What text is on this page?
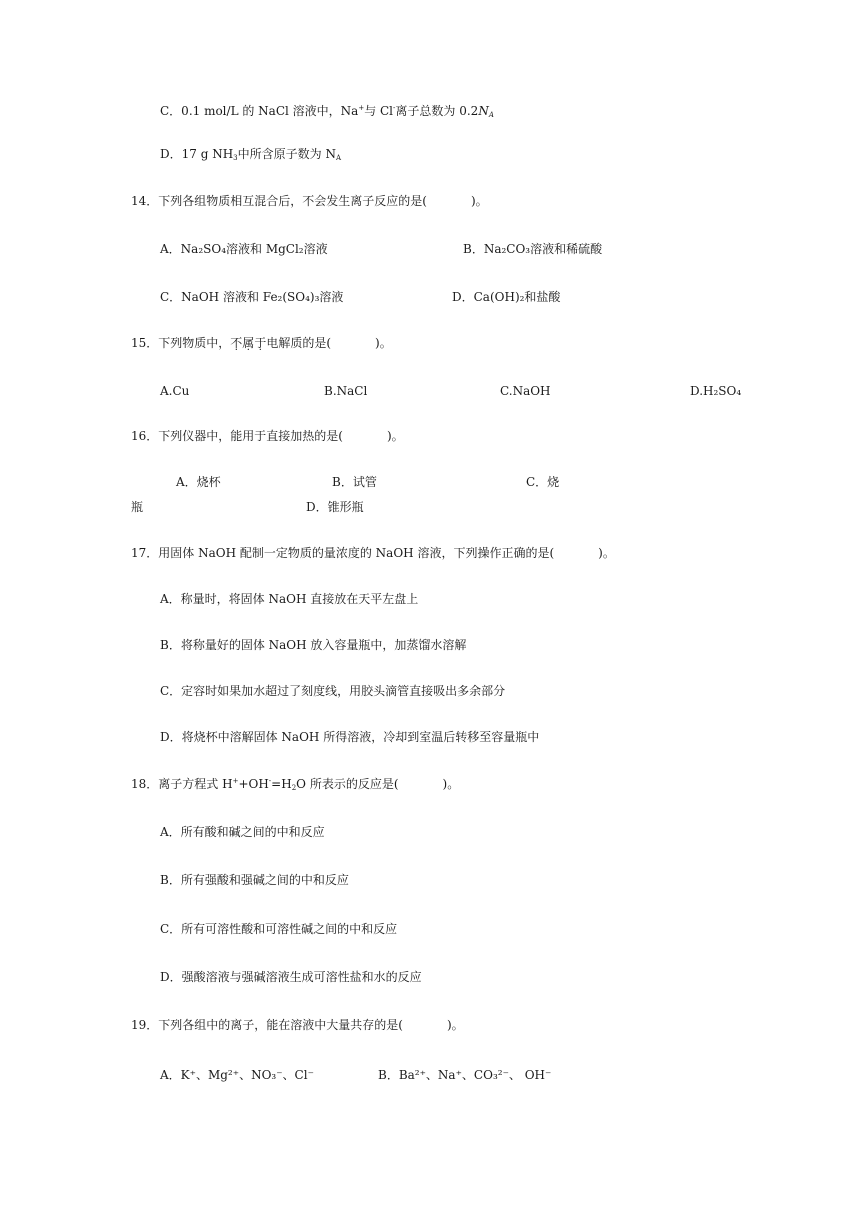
C．0.1 mol/L 的 NaCl 溶液中，Na+与 Cl-离子总数为 $0.2N_A$
D．17 g $NH_3$中所含原子数为 $N_A$
14．下列各组物质相互混合后，不会发生离子反应的是(	)。
A．Na₂SO₄溶液和 MgCl₂溶液	B．Na₂CO₃溶液和稀硫酸
C．NaOH 溶液和 Fe₂(SO₄)₃溶液	D．Ca(OH)₂和盐酸
15．下列物质中，不属于电解质的是(	)。
A.Cu	B.NaCl	C.NaOH	D.H₂SO₄
16．下列仪器中，能用于直接加热的是(	)。
A．烧杯	B．试管	C．烧
瓶	D．锥形瓶
17．用固体 NaOH 配制一定物质的量浓度的 NaOH 溶液，下列操作正确的是(	)。
A．称量时，将固体 NaOH 直接放在天平左盘上
B．将称量好的固体 NaOH 放入容量瓶中，加蒸馏水溶解
C．定容时如果加水超过了刻度线，用胶头滴管直接吸出多余部分
D．将烧杯中溶解固体 NaOH 所得溶液，冷却到室温后转移至容量瓶中
18．离子方程式 $H^++OH^-=H_2O$ 所表示的反应是(	)。
A．所有酸和碱之间的中和反应
B．所有强酸和强碱之间的中和反应
C．所有可溶性酸和可溶性碱之间的中和反应
D．强酸溶液与强碱溶液生成可溶性盐和水的反应
19．下列各组中的离子，能在溶液中大量共存的是(	)。
A．K⁺、Mg²⁺、NO₃⁻、Cl⁻	B．Ba²⁺、Na⁺、CO₃²⁻、 OH⁻
